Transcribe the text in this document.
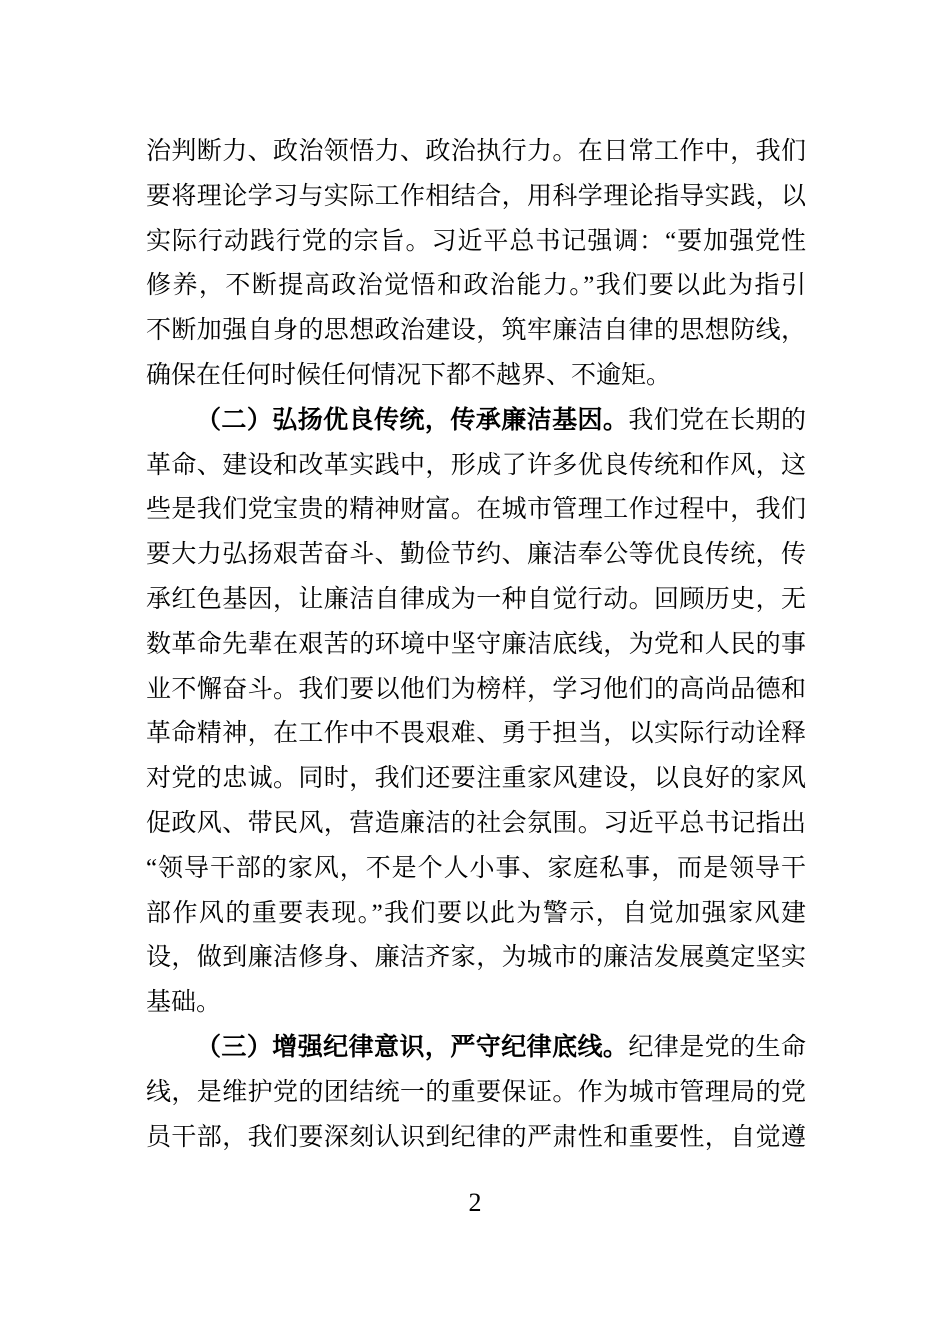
治判断力、政治领悟力、政治执行力。在日常工作中，我们
要将理论学习与实际工作相结合，用科学理论指导实践，以
实际行动践行党的宗旨。习近平总书记强调：“要加强党性
修养，不断提高政治觉悟和政治能力。”我们要以此为指引
不断加强自身的思想政治建设，筑牢廉洁自律的思想防线，
确保在任何时候任何情况下都不越界、不逾矩。
（二）弘扬优良传统，传承廉洁基因。我们党在长期的
革命、建设和改革实践中，形成了许多优良传统和作风，这
些是我们党宝贵的精神财富。在城市管理工作过程中，我们
要大力弘扬艰苦奋斗、勤俭节约、廉洁奉公等优良传统，传
承红色基因，让廉洁自律成为一种自觉行动。回顾历史，无
数革命先辈在艰苦的环境中坚守廉洁底线，为党和人民的事
业不懈奋斗。我们要以他们为榜样，学习他们的高尚品德和
革命精神，在工作中不畏艰难、勇于担当，以实际行动诠释
对党的忠诚。同时，我们还要注重家风建设，以良好的家风
促政风、带民风，营造廉洁的社会氛围。习近平总书记指出
“领导干部的家风，不是个人小事、家庭私事，而是领导干
部作风的重要表现。”我们要以此为警示，自觉加强家风建
设，做到廉洁修身、廉洁齐家，为城市的廉洁发展奠定坚实
基础。
（三）增强纪律意识，严守纪律底线。纪律是党的生命
线，是维护党的团结统一的重要保证。作为城市管理局的党
员干部，我们要深刻认识到纪律的严肃性和重要性，自觉遵
2
